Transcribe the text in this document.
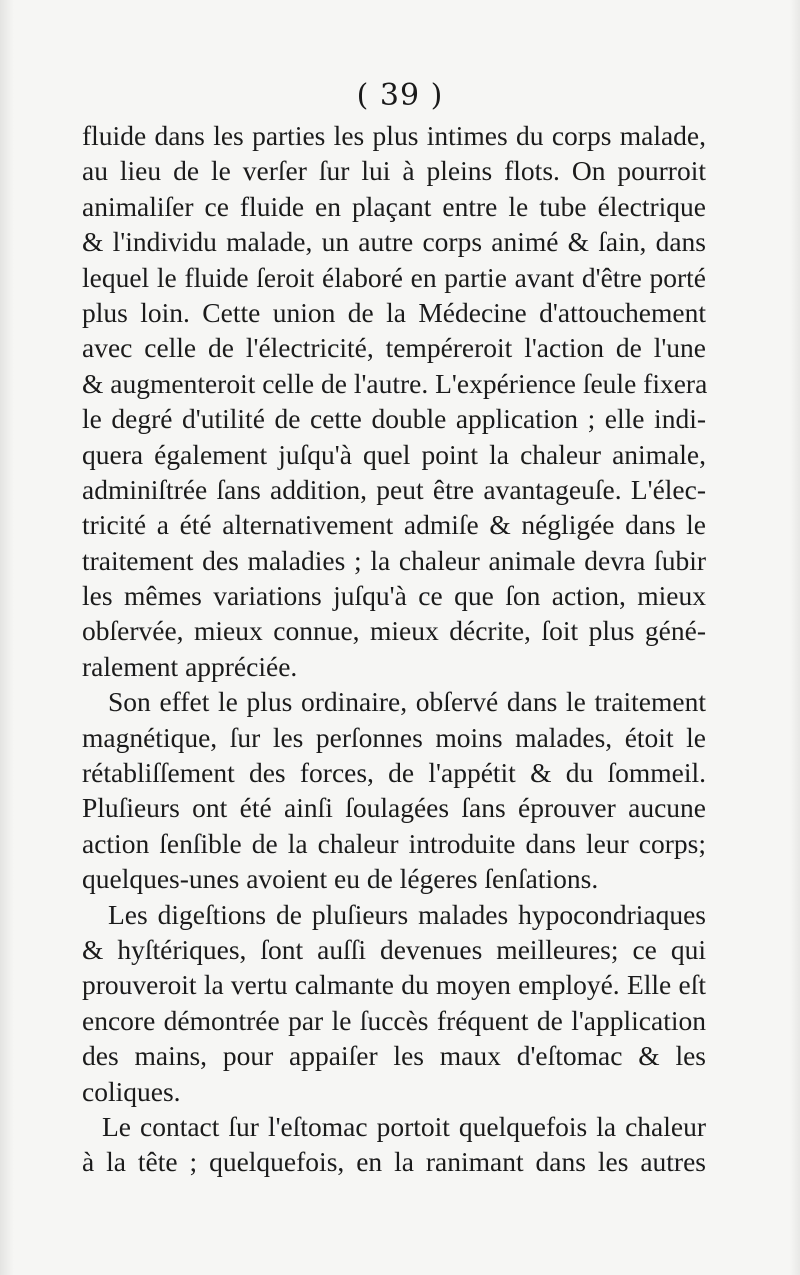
( 39 )
fluide dans les parties les plus intimes du corps malade,
au lieu de le verſer ſur lui à pleins flots. On pourroit
animaliſer ce fluide en plaçant entre le tube électrique
& l'individu malade, un autre corps animé & ſain, dans
lequel le fluide ſeroit élaboré en partie avant d'être porté
plus loin. Cette union de la Médecine d'attouchement
avec celle de l'électricité, tempéreroit l'action de l'une
& augmenteroit celle de l'autre. L'expérience ſeule fixera
le degré d'utilité de cette double application ; elle indi-
quera également juſqu'à quel point la chaleur animale,
adminiſtrée ſans addition, peut être avantageuſe. L'élec-
tricité a été alternativement admiſe & négligée dans le
traitement des maladies ; la chaleur animale devra ſubir
les mêmes variations juſqu'à ce que ſon action, mieux
obſervée, mieux connue, mieux décrite, ſoit plus géné-
ralement appréciée.
Son effet le plus ordinaire, obſervé dans le traitement
magnétique, ſur les perſonnes moins malades, étoit le
rétabliſſement des forces, de l'appétit & du ſommeil.
Pluſieurs ont été ainſi ſoulagées ſans éprouver aucune
action ſenſible de la chaleur introduite dans leur corps;
quelques-unes avoient eu de légeres ſenſations.
Les digeſtions de pluſieurs malades hypocondriaques
& hyſtériques, ſont auſſi devenues meilleures; ce qui
prouveroit la vertu calmante du moyen employé. Elle eſt
encore démontrée par le ſuccès fréquent de l'application
des mains, pour appaiſer les maux d'eſtomac & les
coliques.
Le contact ſur l'eſtomac portoit quelquefois la chaleur
à la tête ; quelquefois, en la ranimant dans les autres
